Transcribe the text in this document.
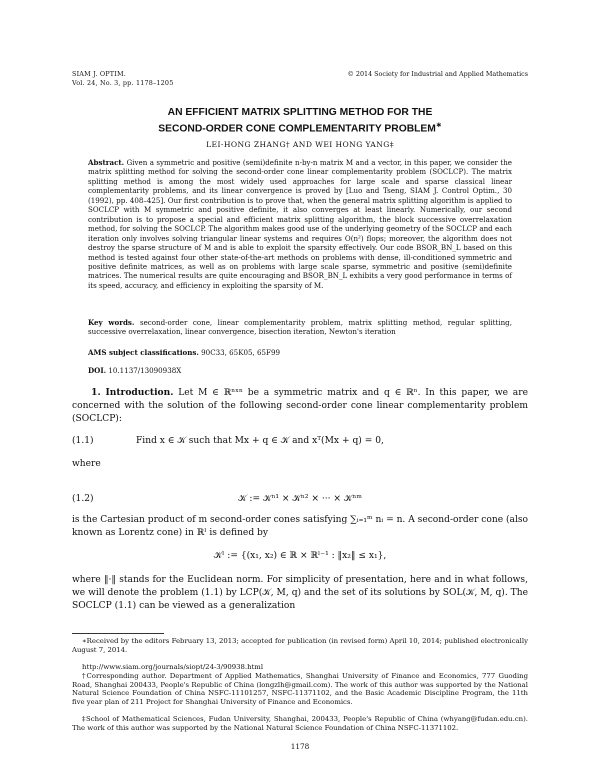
SIAM J. OPTIM.
Vol. 24, No. 3, pp. 1178–1205
© 2014 Society for Industrial and Applied Mathematics
AN EFFICIENT MATRIX SPLITTING METHOD FOR THE
SECOND-ORDER CONE COMPLEMENTARITY PROBLEM∗
LEI-HONG ZHANG† AND WEI HONG YANG‡
Abstract. Given a symmetric and positive (semi)definite n-by-n matrix M and a vector, in this paper, we consider the matrix splitting method for solving the second-order cone linear complementarity problem (SOCLCP). The matrix splitting method is among the most widely used approaches for large scale and sparse classical linear complementarity problems, and its linear convergence is proved by [Luo and Tseng, SIAM J. Control Optim., 30 (1992), pp. 408–425]. Our first contribution is to prove that, when the general matrix splitting algorithm is applied to SOCLCP with M symmetric and positive definite, it also converges at least linearly. Numerically, our second contribution is to propose a special and efficient matrix splitting algorithm, the block successive overrelaxation method, for solving the SOCLCP. The algorithm makes good use of the underlying geometry of the SOCLCP and each iteration only involves solving triangular linear systems and requires O(n²) flops; moreover, the algorithm does not destroy the sparse structure of M and is able to exploit the sparsity effectively. Our code BSOR_BN_L based on this method is tested against four other state-of-the-art methods on problems with dense, ill-conditioned symmetric and positive definite matrices, as well as on problems with large scale sparse, symmetric and positive (semi)definite matrices. The numerical results are quite encouraging and BSOR_BN_L exhibits a very good performance in terms of its speed, accuracy, and efficiency in exploiting the sparsity of M.
Key words. second-order cone, linear complementarity problem, matrix splitting method, regular splitting, successive overrelaxation, linear convergence, bisection iteration, Newton's iteration
AMS subject classifications. 90C33, 65K05, 65F99
DOI. 10.1137/13090938X
1. Introduction. Let M ∈ ℝⁿˣⁿ be a symmetric matrix and q ∈ ℝⁿ. In this paper, we are concerned with the solution of the following second-order cone linear complementarity problem (SOCLCP):
(1.1)	Find x ∈ 𝒦 such that Mx + q ∈ 𝒦 and xᵀ(Mx + q) = 0,
where
(1.2)	𝒦 := 𝒦ⁿ¹ × 𝒦ⁿ² × ··· × 𝒦ⁿᵐ
is the Cartesian product of m second-order cones satisfying ∑ᵢ₌₁ᵐ nᵢ = n. A second-order cone (also known as Lorentz cone) in ℝˡ is defined by
𝒦ˡ := {(x₁, x₂) ∈ ℝ × ℝˡ⁻¹ : ‖x₂‖ ≤ x₁},
where ‖·‖ stands for the Euclidean norm. For simplicity of presentation, here and in what follows, we will denote the problem (1.1) by LCP(𝒦, M, q) and the set of its solutions by SOL(𝒦, M, q). The SOCLCP (1.1) can be viewed as a generalization

∗Received by the editors February 13, 2013; accepted for publication (in revised form) April 10, 2014; published electronically August 7, 2014.

http://www.siam.org/journals/siopt/24-3/90938.html

†Corresponding author. Department of Applied Mathematics, Shanghai University of Finance and Economics, 777 Guoding Road, Shanghai 200433, People's Republic of China (longzlh@gmail.com). The work of this author was supported by the National Natural Science Foundation of China NSFC-11101257, NSFC-11371102, and the Basic Academic Discipline Program, the 11th five year plan of 211 Project for Shanghai University of Finance and Economics.

‡School of Mathematical Sciences, Fudan University, Shanghai, 200433, People's Republic of China (whyang@fudan.edu.cn). The work of this author was supported by the National Natural Science Foundation of China NSFC-11371102.

1178
